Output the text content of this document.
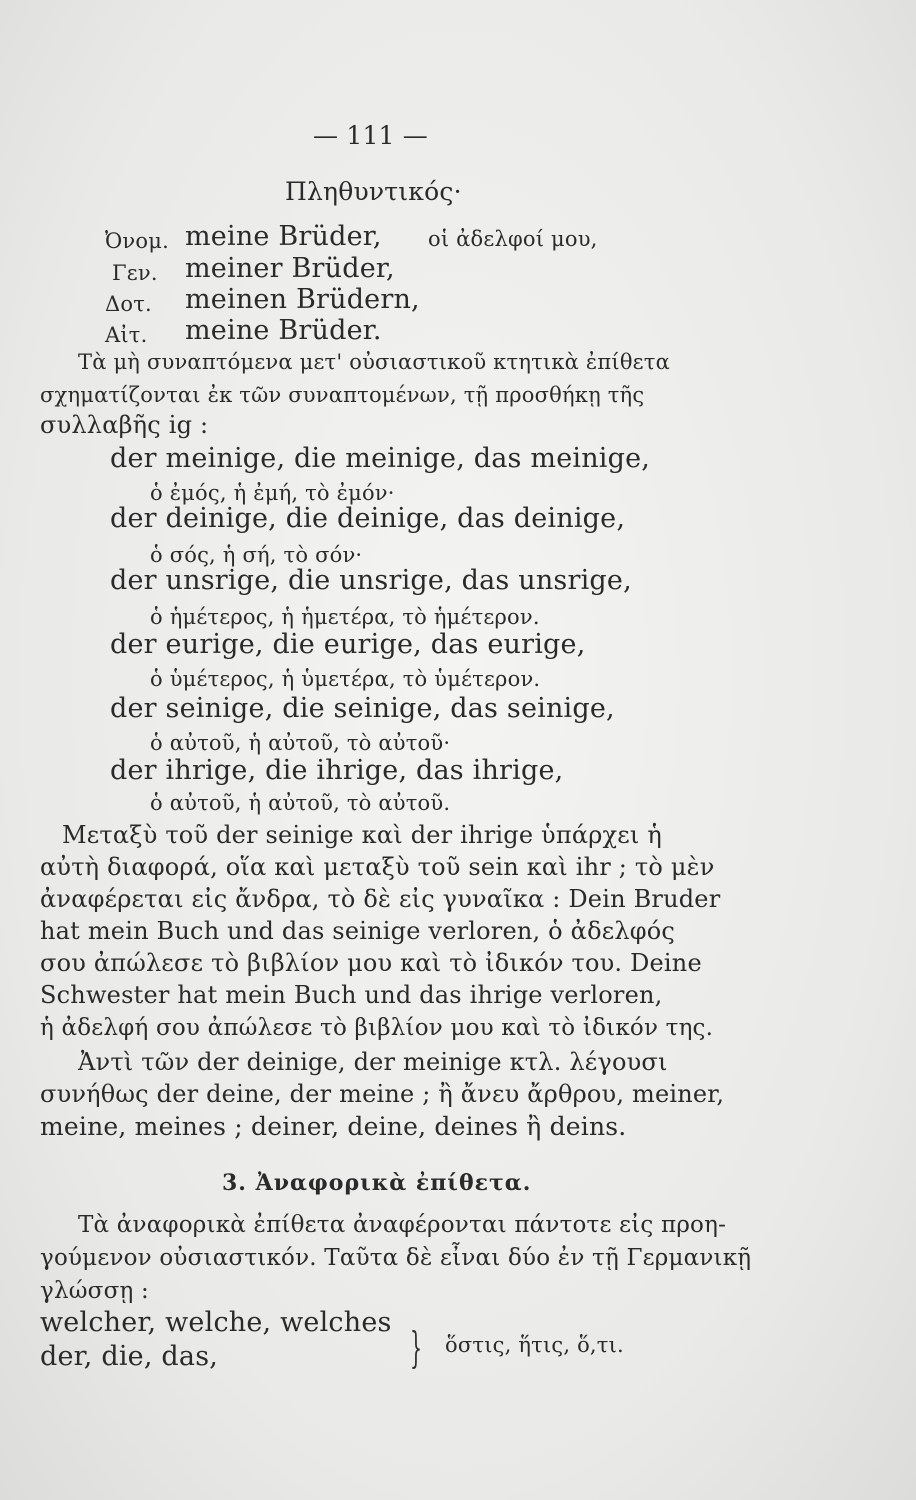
— 111 —
Πληθυντικός·
Ὀνομ. meine Brüder, οἱ ἀδελφοί μου,
Γεν. meiner Brüder,
Δοτ. meinen Brüdern,
Αἰτ. meine Brüder.
Τὰ μὴ συναπτόμενα μετ' οὐσιαστικοῦ κτητικὰ ἐπίθετα
σχηματίζονται ἐκ τῶν συναπτομένων, τῇ προσθήκῃ τῆς
συλλαβῆς ig :
der meinige, die meinige, das meinige,
ὁ ἐμός, ἡ ἐμή, τὸ ἐμόν·
der deinige, die deinige, das deinige,
ὁ σός, ἡ σή, τὸ σόν·
der unsrige, die unsrige, das unsrige,
ὁ ἡμέτερος, ἡ ἡμετέρα, τὸ ἡμέτερον.
der eurige, die eurige, das eurige,
ὁ ὑμέτερος, ἡ ὑμετέρα, τὸ ὑμέτερον.
der seinige, die seinige, das seinige,
ὁ αὐτοῦ, ἡ αὐτοῦ, τὸ αὐτοῦ·
der ihrige, die ihrige, das ihrige,
ὁ αὐτοῦ, ἡ αὐτοῦ, τὸ αὐτοῦ.
Μεταξὺ τοῦ der seinige καὶ der ihrige ὑπάρχει ἡ
αὐτὴ διαφορά, οἵα καὶ μεταξὺ τοῦ sein καὶ ihr ; τὸ μὲν
ἀναφέρεται εἰς ἄνδρα, τὸ δὲ εἰς γυναῖκα : Dein Bruder
hat mein Buch und das seinige verloren, ὁ ἀδελφός
σου ἀπώλεσε τὸ βιβλίον μου καὶ τὸ ἰδικόν του. Deine
Schwester hat mein Buch und das ihrige verloren,
ἡ ἀδελφή σου ἀπώλεσε τὸ βιβλίον μου καὶ τὸ ἰδικόν της.
Ἀντὶ τῶν der deinige, der meinige κτλ. λέγουσι
συνήθως der deine, der meine ; ἢ ἄνευ ἄρθρου, meiner,
meine, meines ; deiner, deine, deines ἢ deins.
3. Ἀναφορικὰ ἐπίθετα.
Τὰ ἀναφορικὰ ἐπίθετα ἀναφέρονται πάντοτε εἰς προη-
γούμενον οὐσιαστικόν. Ταῦτα δὲ εἶναι δύο ἐν τῇ Γερμανικῇ
γλώσσῃ :
welcher, welche, welches
der, die, das,	} ὅστις, ἥτις, ὅ,τι.
